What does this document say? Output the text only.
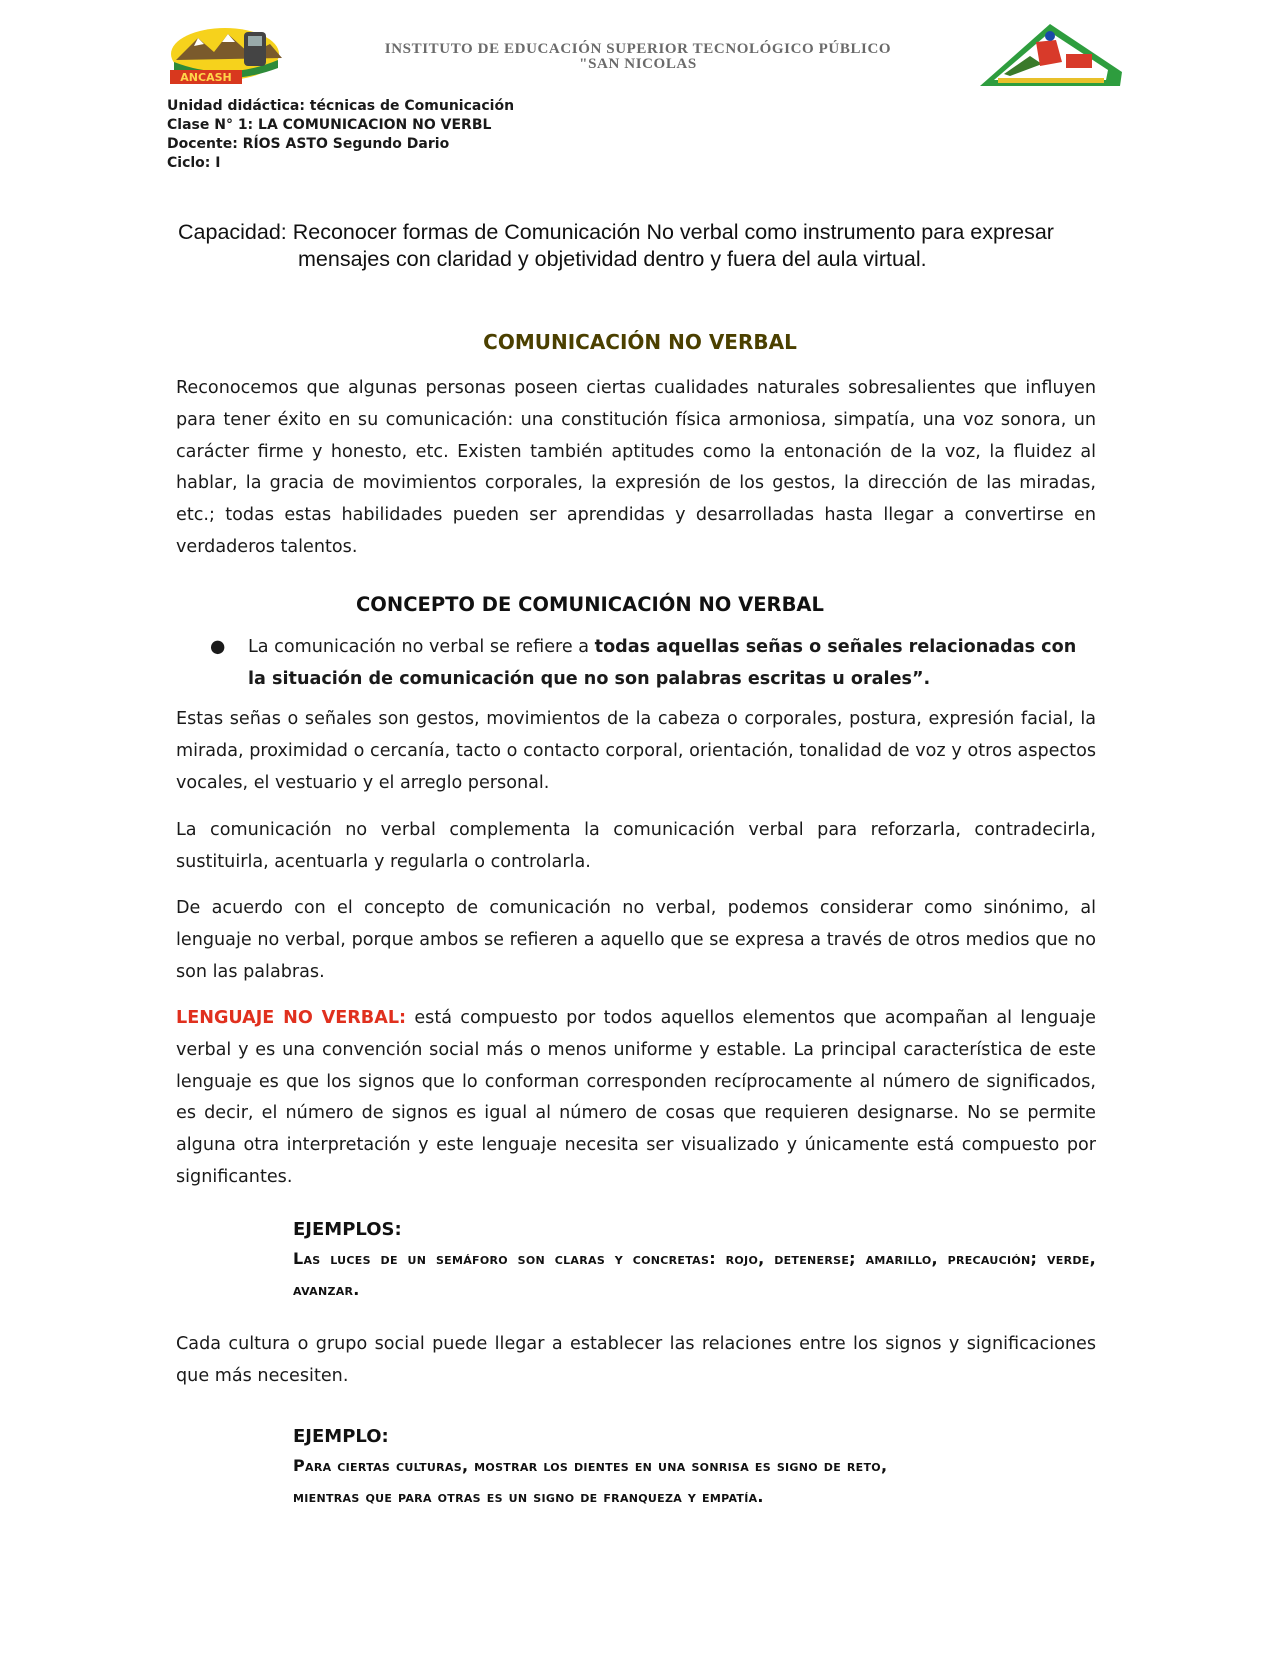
ANCASH
INSTITUTO DE EDUCACIÓN SUPERIOR TECNOLÓGICO PÚBLICO
"SAN NICOLAS
Unidad didáctica: técnicas de Comunicación
Clase N° 1: LA COMUNICACION NO VERBL
Docente: RÍOS ASTO Segundo Dario
Ciclo: I
Capacidad: Reconocer formas de Comunicación No verbal como instrumento para expresar
mensajes con claridad y objetividad dentro y fuera del aula virtual.
COMUNICACIÓN NO VERBAL
Reconocemos que algunas personas poseen ciertas cualidades naturales sobresalientes que influyen para tener éxito en su comunicación: una constitución física armoniosa, simpatía, una voz sonora, un carácter firme y honesto, etc. Existen también aptitudes como la entonación de la voz, la fluidez al hablar, la gracia de movimientos corporales, la expresión de los gestos, la dirección de las miradas, etc.; todas estas habilidades pueden ser aprendidas y desarrolladas hasta llegar a convertirse en verdaderos talentos.
CONCEPTO DE COMUNICACIÓN NO VERBAL
● La comunicación no verbal se refiere a todas aquellas señas o señales relacionadas con la situación de comunicación que no son palabras escritas u orales”.
Estas señas o señales son gestos, movimientos de la cabeza o corporales, postura, expresión facial, la mirada, proximidad o cercanía, tacto o contacto corporal, orientación, tonalidad de voz y otros aspectos vocales, el vestuario y el arreglo personal.
La comunicación no verbal complementa la comunicación verbal para reforzarla, contradecirla, sustituirla, acentuarla y regularla o controlarla.
De acuerdo con el concepto de comunicación no verbal, podemos considerar como sinónimo, al lenguaje no verbal, porque ambos se refieren a aquello que se expresa a través de otros medios que no son las palabras.
LENGUAJE NO VERBAL: está compuesto por todos aquellos elementos que acompañan al lenguaje verbal y es una convención social más o menos uniforme y estable. La principal característica de este lenguaje es que los signos que lo conforman corresponden recíprocamente al número de significados, es decir, el número de signos es igual al número de cosas que requieren designarse. No se permite alguna otra interpretación y este lenguaje necesita ser visualizado y únicamente está compuesto por significantes.
EJEMPLOS:
Las luces de un semáforo son claras y concretas: rojo, detenerse; amarillo, precaución; verde, avanzar.
Cada cultura o grupo social puede llegar a establecer las relaciones entre los signos y significaciones que más necesiten.
EJEMPLO:
Para ciertas culturas, mostrar los dientes en una sonrisa es signo de reto,
mientras que para otras es un signo de franqueza y empatía.
